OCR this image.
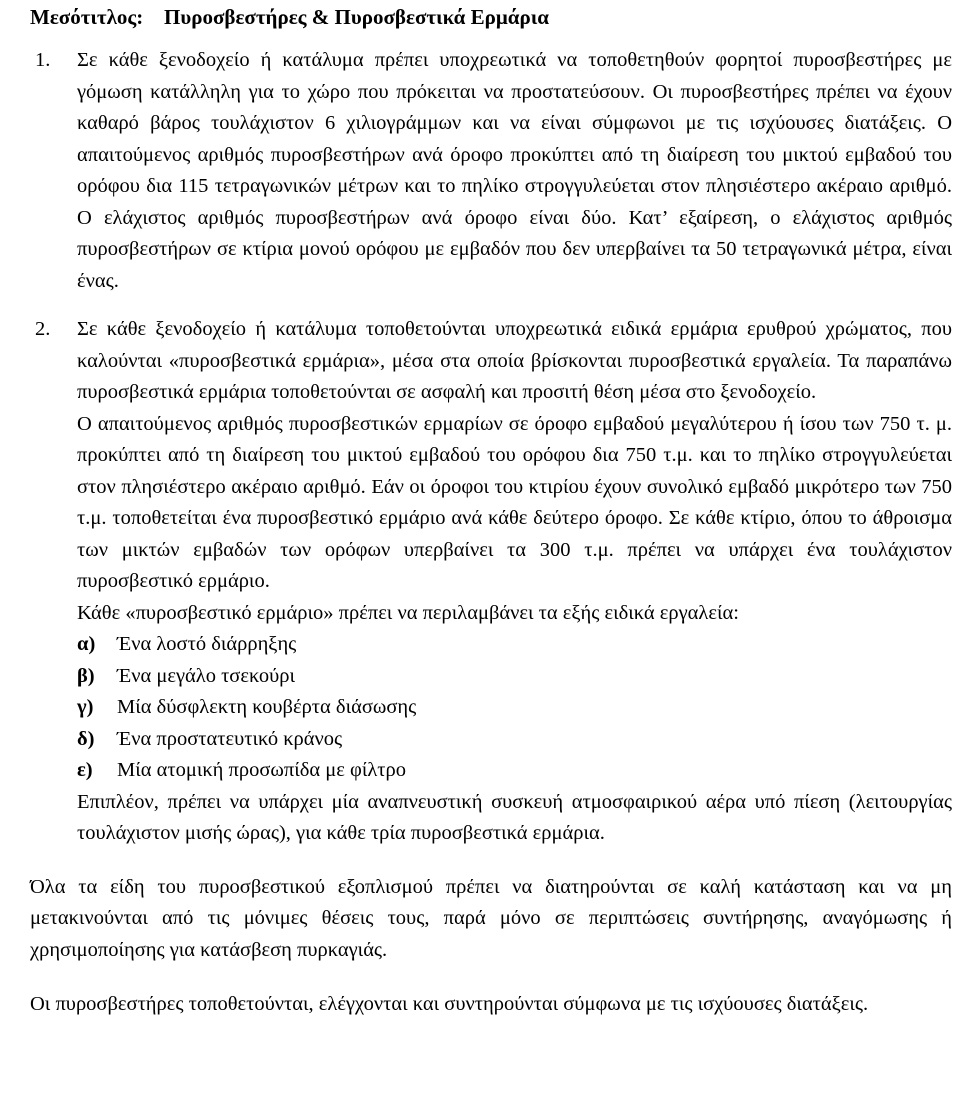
Μεσότιτλος: Πυροσβεστήρες & Πυροσβεστικά Ερμάρια

1. Σε κάθε ξενοδοχείο ή κατάλυμα πρέπει υποχρεωτικά να τοποθετηθούν φορητοί πυροσβεστήρες με γόμωση κατάλληλη για το χώρο που πρόκειται να προστατεύσουν. Οι πυροσβεστήρες πρέπει να έχουν καθαρό βάρος τουλάχιστον 6 χιλιογράμμων και να είναι σύμφωνοι με τις ισχύουσες διατάξεις. Ο απαιτούμενος αριθμός πυροσβεστήρων ανά όροφο προκύπτει από τη διαίρεση του μικτού εμβαδού του ορόφου δια 115 τετραγωνικών μέτρων και το πηλίκο στρογγυλεύεται στον πλησιέστερο ακέραιο αριθμό. Ο ελάχιστος αριθμός πυροσβεστήρων ανά όροφο είναι δύο. Κατ’ εξαίρεση, ο ελάχιστος αριθμός πυροσβεστήρων σε κτίρια μονού ορόφου με εμβαδόν που δεν υπερβαίνει τα 50 τετραγωνικά μέτρα, είναι ένας.

2. Σε κάθε ξενοδοχείο ή κατάλυμα τοποθετούνται υποχρεωτικά ειδικά ερμάρια ερυθρού χρώματος, που καλούνται «πυροσβεστικά ερμάρια», μέσα στα οποία βρίσκονται πυροσβεστικά εργαλεία. Τα παραπάνω πυροσβεστικά ερμάρια τοποθετούνται σε ασφαλή και προσιτή θέση μέσα στο ξενοδοχείο.

Ο απαιτούμενος αριθμός πυροσβεστικών ερμαρίων σε όροφο εμβαδού μεγαλύτερου ή ίσου των 750 τ. μ. προκύπτει από τη διαίρεση του μικτού εμβαδού του ορόφου δια 750 τ.μ. και το πηλίκο στρογγυλεύεται στον πλησιέστερο ακέραιο αριθμό. Εάν οι όροφοι του κτιρίου έχουν συνολικό εμβαδό μικρότερο των 750 τ.μ. τοποθετείται ένα πυροσβεστικό ερμάριο ανά κάθε δεύτερο όροφο. Σε κάθε κτίριο, όπου το άθροισμα των μικτών εμβαδών των ορόφων υπερβαίνει τα 300 τ.μ. πρέπει να υπάρχει ένα τουλάχιστον πυροσβεστικό ερμάριο.

Κάθε «πυροσβεστικό ερμάριο» πρέπει να περιλαμβάνει τα εξής ειδικά εργαλεία:

α) Ένα λοστό διάρρηξης
β) Ένα μεγάλο τσεκούρι
γ) Μία δύσφλεκτη κουβέρτα διάσωσης
δ) Ένα προστατευτικό κράνος
ε) Μία ατομική προσωπίδα με φίλτρο

Επιπλέον, πρέπει να υπάρχει μία αναπνευστική συσκευή ατμοσφαιρικού αέρα υπό πίεση (λειτουργίας τουλάχιστον μισής ώρας), για κάθε τρία πυροσβεστικά ερμάρια.

Όλα τα είδη του πυροσβεστικού εξοπλισμού πρέπει να διατηρούνται σε καλή κατάσταση και να μη μετακινούνται από τις μόνιμες θέσεις τους, παρά μόνο σε περιπτώσεις συντήρησης, αναγόμωσης ή χρησιμοποίησης για κατάσβεση πυρκαγιάς.

Οι πυροσβεστήρες τοποθετούνται, ελέγχονται και συντηρούνται σύμφωνα με τις ισχύουσες διατάξεις.
